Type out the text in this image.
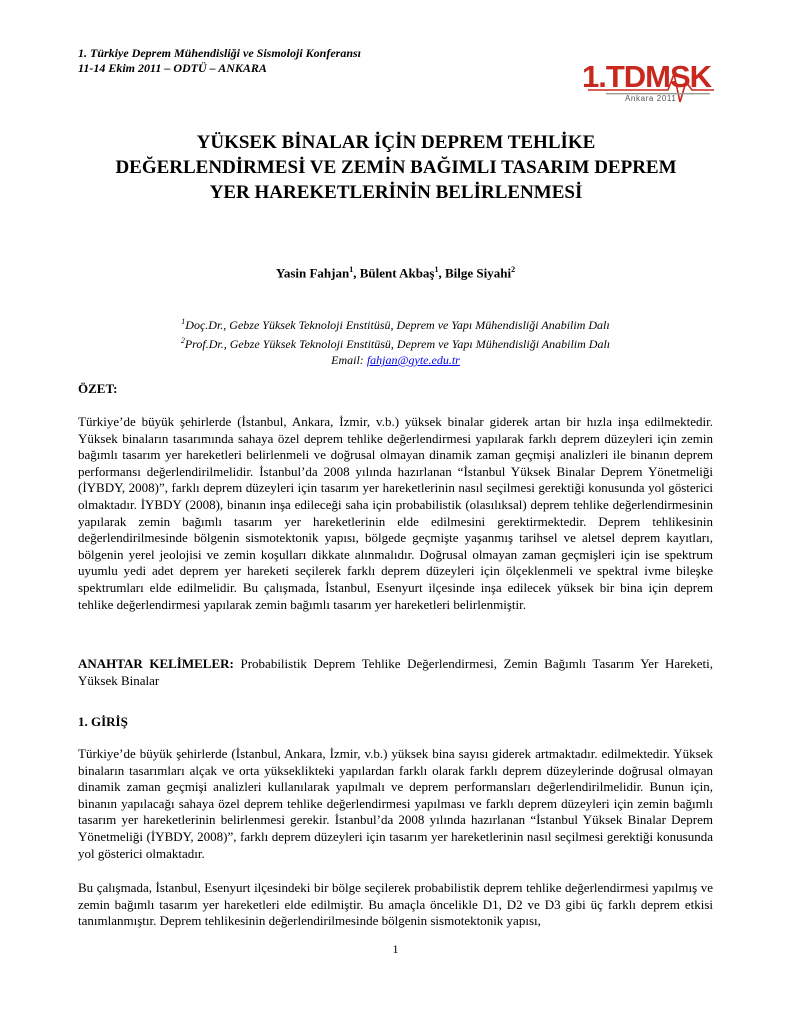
1. Türkiye Deprem Mühendisliği ve Sismoloji Konferansı
11-14 Ekim 2011 – ODTÜ – ANKARA	1.TDMSK
Ankara 2011
YÜKSEK BİNALAR İÇİN DEPREM TEHLİKE
DEĞERLENDİRMESİ VE ZEMİN BAĞIMLI TASARIM DEPREM
YER HAREKETLERİNİN BELİRLENMESİ
Yasin Fahjan$^1$, Bülent Akbaş$^1$, Bilge Siyahi$^2$
$^1$Doç.Dr., Gebze Yüksek Teknoloji Enstitüsü, Deprem ve Yapı Mühendisliği Anabilim Dalı
$^2$Prof.Dr., Gebze Yüksek Teknoloji Enstitüsü, Deprem ve Yapı Mühendisliği Anabilim Dalı
Email: fahjan@gyte.edu.tr
ÖZET:
Türkiye’de büyük şehirlerde (İstanbul, Ankara, İzmir, v.b.) yüksek binalar giderek artan bir hızla inşa edilmektedir. Yüksek binaların tasarımında sahaya özel deprem tehlike değerlendirmesi yapılarak farklı deprem düzeyleri için zemin bağımlı tasarım yer hareketleri belirlenmeli ve doğrusal olmayan dinamik zaman geçmişi analizleri ile binanın deprem performansı değerlendirilmelidir. İstanbul’da 2008 yılında hazırlanan “İstanbul Yüksek Binalar Deprem Yönetmeliği (İYBDY, 2008)”, farklı deprem düzeyleri için tasarım yer hareketlerinin nasıl seçilmesi gerektiği konusunda yol gösterici olmaktadır. İYBDY (2008), binanın inşa edileceği saha için probabilistik (olasılıksal) deprem tehlike değerlendirmesinin yapılarak zemin bağımlı tasarım yer hareketlerinin elde edilmesini gerektirmektedir. Deprem tehlikesinin değerlendirilmesinde bölgenin sismotektonik yapısı, bölgede geçmişte yaşanmış tarihsel ve aletsel deprem kayıtları, bölgenin yerel jeolojisi ve zemin koşulları dikkate alınmalıdır. Doğrusal olmayan zaman geçmişleri için ise spektrum uyumlu yedi adet deprem yer hareketi seçilerek farklı deprem düzeyleri için ölçeklenmeli ve spektral ivme bileşke spektrumları elde edilmelidir. Bu çalışmada, İstanbul, Esenyurt ilçesinde inşa edilecek yüksek bir bina için deprem tehlike değerlendirmesi yapılarak zemin bağımlı tasarım yer hareketleri belirlenmiştir.
ANAHTAR KELİMELER: Probabilistik Deprem Tehlike Değerlendirmesi, Zemin Bağımlı Tasarım Yer Hareketi, Yüksek Binalar
1. GİRİŞ
Türkiye’de büyük şehirlerde (İstanbul, Ankara, İzmir, v.b.) yüksek bina sayısı giderek artmaktadır. edilmektedir. Yüksek binaların tasarımları alçak ve orta yükseklikteki yapılardan farklı olarak farklı deprem düzeylerinde doğrusal olmayan dinamik zaman geçmişi analizleri kullanılarak yapılmalı ve deprem performansları değerlendirilmelidir. Bunun için, binanın yapılacağı sahaya özel deprem tehlike değerlendirmesi yapılması ve farklı deprem düzeyleri için zemin bağımlı tasarım yer hareketlerinin belirlenmesi gerekir. İstanbul’da 2008 yılında hazırlanan “İstanbul Yüksek Binalar Deprem Yönetmeliği (İYBDY, 2008)”, farklı deprem düzeyleri için tasarım yer hareketlerinin nasıl seçilmesi gerektiği konusunda yol gösterici olmaktadır.
Bu çalışmada, İstanbul, Esenyurt ilçesindeki bir bölge seçilerek probabilistik deprem tehlike değerlendirmesi yapılmış ve zemin bağımlı tasarım yer hareketleri elde edilmiştir. Bu amaçla öncelikle D1, D2 ve D3 gibi üç farklı deprem etkisi tanımlanmıştır. Deprem tehlikesinin değerlendirilmesinde bölgenin sismotektonik yapısı,
1
